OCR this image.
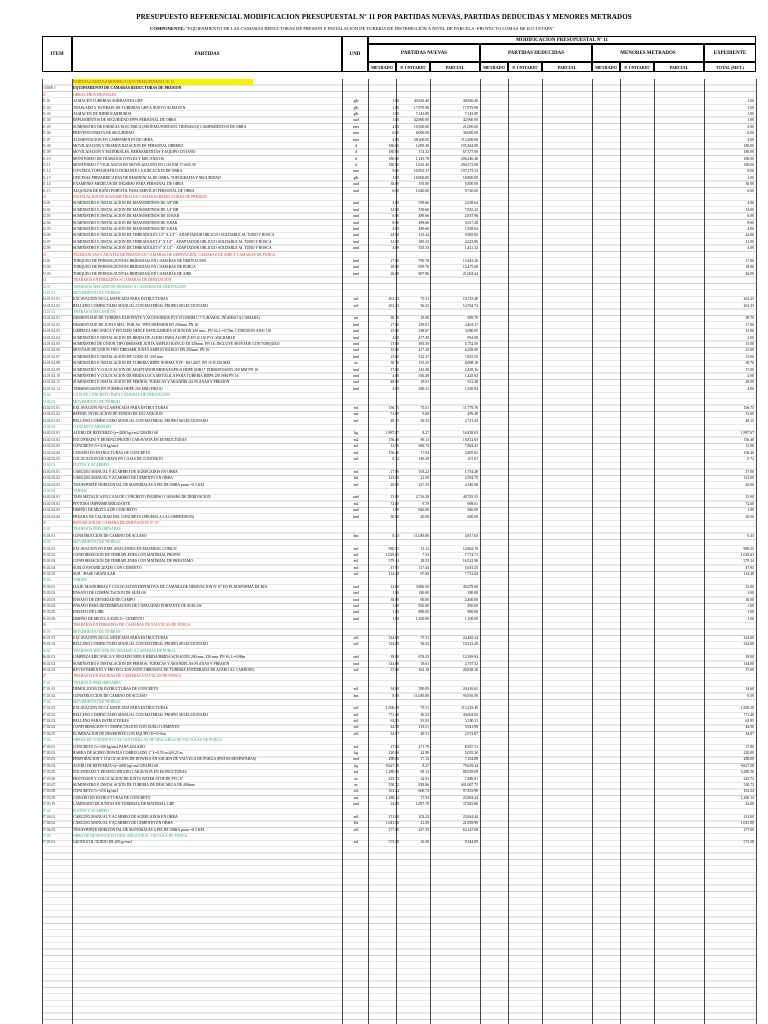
PRESUPUESTO REFERENCIAL MODIFICACION PRESUPUESTAL Nº 11 POR PARTIDAS NUEVAS, PARTIDAS DEDUCIDAS Y MENORES METRADOS
COMPONENTE: "EQUIPAMIENTO DE LAS CAMARAS REDUCTORAS DE PRESION E INSTALACIÓN DE TUBERIA DE DISTRIBUCIÓN A NIVEL DE PARCELA -PROYECTO LOMAS DE ILO I ETAPA"
ITEM	PARTIDAS	UND
MODIFICACION PRESUPUESTAL Nº 11
PARTIDAS NUEVAS	PARTIDAS DEDUCIDAS	MENORES METRADOS	EXPEDIENTE
METRADO	P. UNITARIO	PARCIAL	METRADO	P. UNITARIO	PARCIAL	METRADO	P. UNITARIO	PARCIAL	TOTAL (MET.)
PARTIDAS NUEVAS MODIFICACION PRESUPUESTAL Nº 11
COMP. I	EQUIPAMIENTO DE CAMARAS REDUCTORAS DE PRESION
01	OBRAS PROVISIONALES
01.01	ALMACEN TUBERIAS SOBRANTES GRP	glb	1.00	40,826.40	40,826.40	1.00
01.02	TRASLADO Y ESTIBAJE DE TUBERIAS GRP A NUEVO ALMACEN	glb	1.00	17,879.98	17,879.98	1.00
01.03	ALMACEN DE HIDROCARBUROS	glb	1.00	7,143.89	7,143.89	1.00
01.04	IMPLEMENTOS DE SEGURIDAD EPPS PERSONAL DE OBRA	und	1.00	42,960.00	42,960.00	1.00
01.05	SUMINISTRO DE ENERGIA ELECTRICA (SISTEMA PORTATIL TRIFASICO) CAMPAMENTOS DE OBRA	mes	2.00	10,500.00	21,000.00	2.00
01.06	PREVENCIONISTA DE SEGURIDAD	mes	6.00	6,000.00	36,000.00	6.00
01.07	ALIMENTACION EN CAMPAMENTO DE OBRA	mes	4.00	28,300.00	113,200.00	4.00
01.08	MOVILIZACION Y DESMOVILIZACION DE PERSONAL OBRERO	d	180.00	1,085.36	195,364.80	180.00
01.09	MOVILIZACION Y MATERIALES, HERRAMIENTAS Y EQUIPO LIVIANO	d	180.00	374.32	67,377.60	180.00
01.10	MONITOREO DE TRABAJOS CIVILES Y MECANICOS	d	180.00	1,145.78	206,240.40	180.00
01.11	MONITOREO Y VIGILANCIA EN MOVILIZACION EN LOS KM 17+625.39	d	180.00	1,635.40	294,372.00	180.00
01.12	CONTROL TOPOGRAFICO DURANTE LA EJECUCION DE OBRA	mes	9.00	10,952.37	197,173.33	9.00
01.13	OFICINAS PREFABRICADAS DE RESIDENCIA DE OBRA, TOPOGRAFIA Y SEGURIDAD	glb	1.00	18,800.00	18,800.00	1.00
01.14	EXAMENES MEDICOS DE INGRESO PARA PERSONAL DE OBRA	und	30.00	195.00	5,850.00	30.00
01.15	ALQUILER DE BAÑO PORTATIL PARA SERVICIO PERSONAL DE OBRA	und	6.00	1,620.00	9,720.00	6.00
02	INSTALACION DE MANOMETROS EN CAMARAS REDUCTORAS DE PRESION
02.01	SUMINISTRO E INSTALACION DE MANOMETROS DE 3/8"ØB	und	4.00	559.66	2,238.64	4.00
02.02	SUMINISTRO E INSTALACION DE MANOMETROS DE 1/4"ØB	und	14.00	559.66	7,835.24	14.00
02.03	SUMINISTRO E INSTALACION DE MANOMETROS DE 10 BAR	und	6.00	489.66	2,937.96	6.00
02.04	SUMINISTRO E INSTALACION DE MANOMETROS DE 8 BAR	und	8.00	489.66	3,917.28	8.00
02.05	SUMINISTRO E INSTALACION DE MANOMETROS DE 6 BAR	und	4.00	489.66	1,958.64	4.00
02.06	SUMINISTRO E INSTALACION DE THREADOLET 1/2" X 1/2" - ADAPTADOR OBLICUO SOLDABLE AL TUBO Y ROSCA	und	24.00	415.24	9,965.82	24.00
02.07	SUMINISTRO E INSTALACION DE THREADOLET 4" X 1/2" - ADAPTADOR OBLICUO SOLDABLE AL TUBO Y ROSCA	und	12.00	385.33	4,623.96	12.00
02.08	SUMINISTRO E INSTALACION DE THREADOLET 6" X 1/2" - ADAPTADOR OBLICUO SOLDABLE AL TUBO Y ROSCA	und	4.00	355.33	1,421.32	4.00
03	TELERANCIAS Y AJUSTES DE PERNOS EN CAMARAS DE DERIVACION, CAMARAS DE AIRE Y CAMARAS DE PURGA
03.01	TORQUEO DE PERNOS (JUNTAS BRIDADAS) EN CAMARAS DE DERIVACION	und	17.00	790.78	13,443.26	17.00
03.02	TORQUEO DE PERNOS (JUNTAS BRIDADAS) EN CAMARAS DE PURGA	und	18.00	859.76	15,475.68	18.00
03.03	TORQUEO DE PERNOS (JUNTAS BRIDADAS) EN CAMARAS DE AIRE	und	26.00	807.86	21,004.44	26.00
04	TRABAJOS ENTERRADOS A CAMARAS DE DERIVACION
04.01	TRABAJOS MECANICOS INGRESO A CAMARAS DE DERIVACION
04.01.01	MOVIMIENTO DE TIERRAS
04.01.01.01	EXCAVACION NO CLASIFICADA PARA ESTRUCTURAS	m3	261.23	75.51	19,725.48	261.23
04.01.01.02	RELLENO COMPACTADO MANUAL CON MATERIAL PROPIO SELECCIONADO	m3	261.23	56.52	14,764.72	261.23
04.01.02	TRABAJOS MECANICOS
04.01.02.01	DESMONTAJE DE TUBERIA EXISTENTE Y ACCESORIOS PVC Ø 110MM C-7.5 (RAMAL INGRESO A CAMARA)	ml	38.70	18.08	699.70	38.70
04.01.02.02	DESMONTAJE DE JUNTA MEC. POR AS. TIPO DRESSER EN 250mm. PN 16	und	17.00	259.01	4,403.17	17.00
04.01.02.03	LIMPIEZA MECANICA Y PINTADO NEPLE ESPIGA/BRIDA SCH 80 DN 250 mm., PN 16, L=0.75m, CONEXION ANSI 150	und	15.00	238.67	3,580.05	15.00
04.01.02.04	SUMINISTRO E INSTALACION DE BRIDA DE ACERO PARA ACOPLE EN Ø 110 PVC SOLDABLE	und	2.00	477.49	954.98	2.00
04.01.02.05	SUMINISTRO DE UNION TIPO DRESSER JUNTA AMPLIO RANGO EN 250mm. PN 16, INCLUYE MONTAJE CON TORQUEO	und	15.00	383.50	5,752.50	15.00
04.01.02.06	MONTAJE DE UNION TIPO DRESSER JUNTA AMPLIO RANGO DN 250mm. PN 16	und	15.00	417.20	6,258.00	15.00
04.01.02.07	SUMINISTRO E INSTALACION DE CODO 45º 250 mm	und	15.00	522.37	7,835.55	15.00
04.01.02.08	SUMINISTRO E INSTALACION DE TUBERIA HDPE NORMA NTP - ISO 4427, PN 10 Ø 250 MM	m	38.70	155.25	6,008.18	38.70
04.01.02.09	SUMINISTRO Y COLOCACION DE ADAPTADOR BRIDA/ESPIGA HDPE SDR17 TERMOFUSION 250 MM PN 16	und	17.00	143.48	2,439.16	17.00
04.01.02.10	SUMINISTRO Y COLOCACION DE BRIDA LOCA METALICA PARA TUBERIA HDPE 250 MM PN 16	und	4.00	356.48	1,425.92	4.00
04.01.02.11	SUMINISTRO E INSTALACION DE PERNOS, TUERCAS Y ARANDELAS PLANAS Y PRESION	und	48.00	19.01	912.48	48.00
04.01.02.12	TERMOFUSION EN TUBERIA HDPE 250 MM (PIEZA)	und	4.00	380.21	1,520.84	4.00
04.02	CAJA DE CONCRETO PARA CAMARAS DE DERIVACION
04.02.01	MOVIMIENTO DE TIERRAS
04.02.01.01	EXCAVACION NO CLASIFICADA PARA ESTRUCTURAS	m3	156.75	75.51	11,779.76	156.75
04.02.01.02	REFINE, NIVELACION DE FONDO DE EXCAVACION	m2	51.60	9.68	499.49	51.60
04.02.01.03	RELLENO COMPACTADO MANUAL CON MATERIAL PROPIO SELECCIONADO	m3	48.15	56.52	2,721.43	48.15
04.02.02	CONCRETO ARMADO
04.02.02.01	ACERO DE REFUERZO fy=4200 kg/cm2 GRADO 60	kg	1,987.67	8.27	16,438.03	1,987.67
04.02.02.02	ENCOFRADO Y DESENCOFRADO CARAVISTA EN ESTRUCTURAS	m2	156.40	69.13	10,812.63	156.40
04.02.02.03	CONCRETO f'c=210 kg/cm2	m3	12.96	606.74	7,863.41	12.96
04.02.02.04	CURADO EN ESTRUCTURAS DE CONCRETO	m2	156.40	17.94	2,805.82	156.40
04.02.02.05	COLOCACION DE GRAVA EN CAJAS DE CONCRETO	m3	0.72	140.29	101.01	0.72
04.02.03	FLETES Y ACARREO
04.02.03.01	CARGUIO MANUAL Y ACARREO DE AGREGADOS EN OBRA	m3	17.00	103.22	1,754.48	17.00
04.02.03.02	CARGUIO MANUAL Y ACARREO DE CEMENTO EN OBRA	bls	123.00	21.09	2,594.70	123.00
04.02.03.03	TRANSPORTE HORIZONTAL DE MATERIALES A PIE DE OBRA prom =0.5 KM	m3	20.00	227.35	4,546.98	20.00
04.02.04	VARIOS
04.02.04.01	TAPA METALICA EN CAJA DE CONCRETO INGRESO CAMARA DE DERIVACION	und	15.00	2,716.38	40,745.55	15.00
04.02.04.02	PINTURA IMPERMEABILIZANTE	m2	72.00	9.70	698.61	72.00
04.02.04.03	DISEÑO DE MEZCLA DE CONCRETO	und	1.00	840.00	840.00	1.00
04.02.04.04	PRUEBA DE CALIDAD DEL CONCRETO (PRUEBA A LA COMPRESION)	und	30.00	20.00	600.00	30.00
05	REPOSICION DE CAMARA DE DERIVACION Nº 07
05.01	TRABAJOS PRELIMINARES
05.01.01	CONSTRUCCION DE CAMINO DE ACCESO	km	0.43	11,049.00	4,817.63	0.43
05.02	MOVIMIENTO DE TIERRAS
05.02.01	EXCAVACION EN EXPLANACIONES EN MATERIAL COMUN	m3	980.55	13.12	12,862.19	980.55
05.02.02	CONFORMACION DE TERRAPLENES CON MATERIAL PROPIO	m3	1,029.63	7.54	7,774.71	1,029.63
05.02.03	CONFORMACION DE TERRAPLENES CON MATERIAL DE PRESTAMO	m3	579.14	28.53	16,522.86	579.14
05.02.04	SUELO ESTABILIZADO CON CEMENTO	m3	47.95	117.44	5,631.25	47.95
05.02.05	SUB - BASE GRANULAR	m3	114.48	67.60	7,731.04	114.48
05.03	VARIOS
05.03.01	IZAJE, MANIOBRAS Y COLOCACION DEFINITIVA DE CAMARA DE DERIVACION Nº 07 EN PLATAFORMA DE RIA	und	12.00	3,806.50	45,678.00	12.00
05.03.02	ENSAYO DE COMPACTACION DE SUELOS	und	1.00	180.00	180.00	1.00
05.03.03	ENSAYO DE DENSIDAD DE CAMPO	und	30.00	80.00	2,400.00	30.00
05.03.04	ENSAYO PARA DETERMINACION DE CAPACIDAD PORTANTE DE SUELOS	und	1.00	850.00	850.00	1.00
05.03.05	ENSAYO DE LIBR	und	1.00	800.00	800.00	1.00
05.03.06	DISEÑO DE MEZCLA SUELO - CEMENTO	und	1.00	1,100.00	1,100.00	1.00
06	TRABAJOS ENTERRADOS DE CAMARAS DE VALVULAS DE PURGA
06.01	MOVIMIENTO DE TIERRAS
06.01.01	EXCAVACION NO CLASIFICADA PARA ESTRUCTURAS	m3	324.00	75.51	24,465.24	324.00
06.01.02	RELLENO COMPACTADO MANUAL CON MATERIAL PROPIO SELECCIONADO	m3	324.00	56.52	18,312.48	324.00
06.02	TRABAJOS MECANICOS INGRESO A CAMARAS DE PURGA
06.02.01	LIMPIEZA MECANICA Y PINTADO NEPLE BRIDA/BRIDA SCH 40 DN 200 mm, 250 mm. PN 16, L=0.80m	und	18.00	676.33	12,169.94	18.00
06.02.02	SUMINISTRO E INSTALACION DE PERNOS, TUERCAS Y ARANDELAS PLANAS Y PRESION	und	144.00	19.01	2,737.52	144.00
06.02.03	REVESTIMIENTO Y PROTECCION ANTICORROSIVA DE TUBERIA ENTERRADA DE ACERO AL CARBONO	m2	57.60	362.16	20,828.20	57.60
07	TRABAJOS EN SALIDAS DE CAMARAS VALVULAS DE PURGA
07.01	TRABAJOS PRELIMINARES
07.01.01	DEMOLICION DE ESTRUCTURAS DE CONCRETO	m3	34.60	590.09	20,416.62	34.60
07.01.02	CONSTRUCCION DE CAMINO DE ACCESO	km	8.50	11,049.00	93,916.50	8.50
07.02	MOVIMIENTO DE TIERRAS
07.02.01	EXCAVACION NO CLASIFICADA PARA ESTRUCTURAS	m3	1,506.58	75.51	113,219.49	1,506.58
07.02.02	RELLENO COMPACTADO MANUAL CON MATERIAL PROPIO SELECCIONADO	m3	771.48	56.52	43,604.05	771.48
07.02.03	RELLENO PARA ESTRUCTURAS	m3	63.93	81.03	5,180.11	63.93
07.02.04	CONFORMACION Y COMPACTACION CON SUELO CEMENTO	m3	44.50	133.51	5,941.90	44.50
07.02.05	ELIMINACION DE DESMONTE CON EQUIPO D=10 Km	m3	34.97	49.51	2,574.87	34.97
07.03	OBRAS DE CONCRETO Y ALCANTARILLAS DE DESCARGA DE VALVULAS DE PURGA
07.03.01	CONCRETO f'c=100 kg/cm2 PARA SOLADO	m3	17.80	471.79	8,397.51	17.80
07.03.02	BARRA DE ACERO DOWELS CORRUGADO 1" L=0.55 m @0.25 m	kg	220.00	22.98	5,055.30	220.00
07.03.03	PERFORACION Y COLOCACION DE DOWELS EN SALIDA DE VALVULA DE PURGA (PISTAS DESPAVERAS)	und	288.00	17.14	7,104.88	288.00
07.03.04	ACERO DE REFUERZO fy=4200 kg/cm2 GRADO 60	kg	9,627.38	8.27	79,618.44	9,627.38
07.03.05	ENCOFRADO Y DESENCOFRADO CARAVISTA EN ESTRUCTURAS	m2	1,280.56	69.13	88,529.08	5,280.56
07.03.06	PROVISION Y COLOCACION DE JUNTA WATER STOP DE PVC 6"	m	225.72	32.91	7,486.81	225.72
07.03.07	SUMINISTRO E INSTALACION DE TUBERIA DE DESCARGA DE 400mm	m	550.72	828.86	441,007.75	530.72
07.03.08	CONCRETO f'c=210 kg/cm2	m3	161.24	606.74	97,833.98	161.24
07.03.09	CURADO EN ESTRUCTURAS DE CONCRETO	m2	1,280.14	17.94	22,964.24	1,280.14
07.03.10	LAMINADO DE JUNTAS EN TUBERIAS DE MATERIAL GRP	und	24.00	1,097.78	37,825.86	24.00
07.04	FLETES Y ACARREO
07.04.01	CARGUIO MANUAL Y ACARREO DE AGREGADOS EN OBRA	m3	231.00	103.22	23,844.44	231.00
07.04.02	CARGUIO MANUAL Y ACARREO DE CEMENTO EN OBRA	bls	1,041.00	21.09	21,839.90	1,041.00
07.04.03	TRANSPORTE HORIZONTAL DE MATERIALES A PIE DE OBRA prom =0.5 KM	m3	277.00	227.35	63,147.69	277.00
07.05	OBRA DE DESFOGUE EN DESCARGA FINAL VALVULA DE PURGA
07.05.01	GEOTEXTIL TEJIDO DE 200 gr/cm2	m2	575.58	16.30	9,344.80	575.58
